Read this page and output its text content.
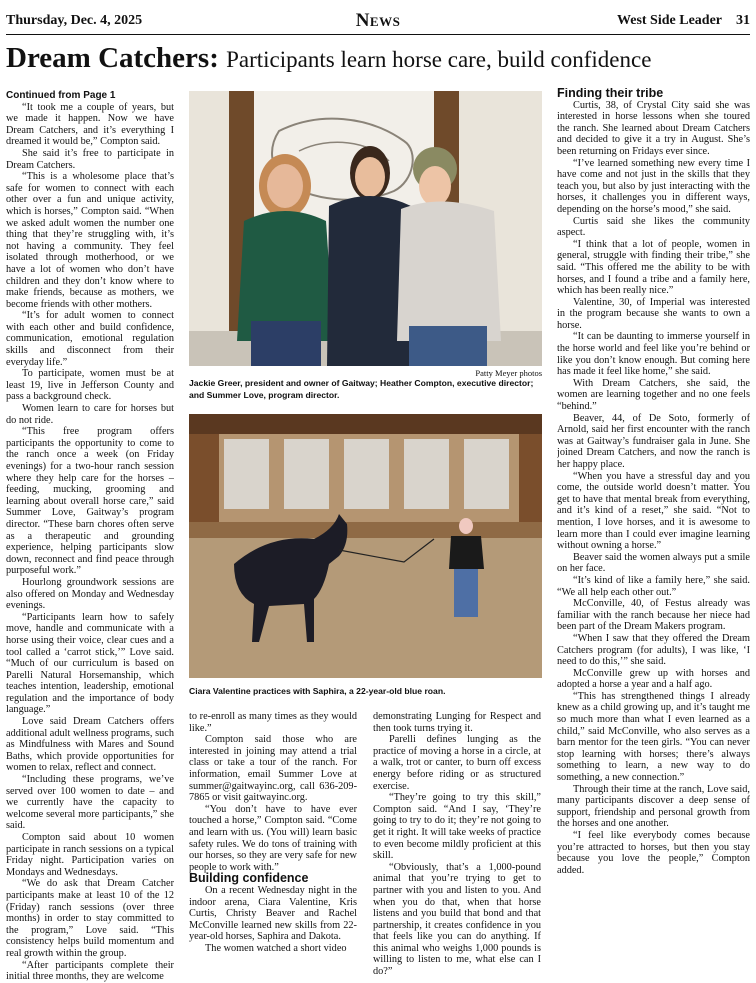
Thursday, Dec. 4, 2025	News	West Side Leader 31
Dream Catchers: Participants learn horse care, build confidence

Continued from Page 1

“It took me a couple of years, but we made it happen. Now we have Dream Catchers, and it’s everything I dreamed it would be,” Compton said.

She said it’s free to participate in Dream Catchers.

“This is a wholesome place that’s safe for women to connect with each other over a fun and unique activity, which is horses,” Compton said. “When we asked adult women the number one thing that they’re struggling with, it’s not having a community. They feel isolated through motherhood, or we have a lot of women who don’t have children and they don’t know where to make friends, because as mothers, we become friends with other mothers.

“It’s for adult women to connect with each other and build confidence, communication, emotional regulation skills and disconnect from their everyday life.”

To participate, women must be at least 19, live in Jefferson County and pass a background check.

Women learn to care for horses but do not ride.

“This free program offers participants the opportunity to come to the ranch once a week (on Friday evenings) for a two-hour ranch session where they help care for the horses – feeding, mucking, grooming and learning about overall horse care,” said Summer Love, Gaitway’s program director. “These barn chores often serve as a therapeutic and grounding experience, helping participants slow down, reconnect and find peace through purposeful work.”

Hourlong groundwork sessions are also offered on Monday and Wednesday evenings.

“Participants learn how to safely move, handle and communicate with a horse using their voice, clear cues and a tool called a ‘carrot stick,’” Love said. “Much of our curriculum is based on Parelli Natural Horsemanship, which teaches intention, leadership, emotional regulation and the importance of body language.”

Love said Dream Catchers offers additional adult wellness programs, such as Mindfulness with Mares and Sound Baths, which provide opportunities for women to relax, reflect and connect.

“Including these programs, we’ve served over 100 women to date – and we currently have the capacity to welcome several more participants,” she said.

Compton said about 10 women participate in ranch sessions on a typical Friday night. Participation varies on Mondays and Wednesdays.

“We do ask that Dream Catcher participants make at least 10 of the 12 (Friday) ranch sessions (over three months) in order to stay committed to the program,” Love said. “This consistency helps build momentum and real growth within the group.

“After participants complete their initial three months, they are welcome

Patty Meyer photos
Jackie Greer, president and owner of Gaitway; Heather Compton, executive director; and Summer Love, program director.
Ciara Valentine practices with Saphira, a 22-year-old blue roan.

to re-enroll as many times as they would like.”

Compton said those who are interested in joining may attend a trial class or take a tour of the ranch. For information, email Summer Love at summer@gaitwayinc.org, call 636-209-7865 or visit gaitwayinc.org.

“You don’t have to have ever touched a horse,” Compton said. “Come and learn with us. (You will) learn basic safety rules. We do tons of training with our horses, so they are very safe for new people to work with.”

Building confidence

On a recent Wednesday night in the indoor arena, Ciara Valentine, Kris Curtis, Christy Beaver and Rachel McConville learned new skills from 22-year-old horses, Saphira and Dakota.

The women watched a short video

demonstrating Lunging for Respect and then took turns trying it.

Parelli defines lunging as the practice of moving a horse in a circle, at a walk, trot or canter, to burn off excess energy before riding or as structured exercise.

“They’re going to try this skill,” Compton said. “And I say, ‘They’re going to try to do it; they’re not going to get it right. It will take weeks of practice to even become mildly proficient at this skill.

“Obviously, that’s a 1,000-pound animal that you’re trying to get to partner with you and listen to you. And when you do that, when that horse listens and you build that bond and that partnership, it creates confidence in you that feels like you can do anything. If this animal who weighs 1,000 pounds is willing to listen to me, what else can I do?”

Finding their tribe

Curtis, 38, of Crystal City said she was interested in horse lessons when she toured the ranch. She learned about Dream Catchers and decided to give it a try in August. She’s been returning on Fridays ever since.

“I’ve learned something new every time I have come and not just in the skills that they teach you, but also by just interacting with the horses, it challenges you in different ways, depending on the horse’s mood,” she said.

Curtis said she likes the community aspect.

“I think that a lot of people, women in general, struggle with finding their tribe,” she said. “This offered me the ability to be with horses, and I found a tribe and a family here, which has been really nice.”

Valentine, 30, of Imperial was interested in the program because she wants to own a horse.

“It can be daunting to immerse yourself in the horse world and feel like you’re behind or like you don’t know enough. But coming here has made it feel like home,” she said.

With Dream Catchers, she said, the women are learning together and no one feels “behind.”

Beaver, 44, of De Soto, formerly of Arnold, said her first encounter with the ranch was at Gaitway’s fundraiser gala in June. She joined Dream Catchers, and now the ranch is her happy place.

“When you have a stressful day and you come, the outside world doesn’t matter. You get to have that mental break from everything, and it’s kind of a reset,” she said. “Not to mention, I love horses, and it is awesome to learn more than I could ever imagine learning without owning a horse.”

Beaver said the women always put a smile on her face.

“It’s kind of like a family here,” she said. “We all help each other out.”

McConville, 40, of Festus already was familiar with the ranch because her niece had been part of the Dream Makers program.

“When I saw that they offered the Dream Catchers program (for adults), I was like, ‘I need to do this,’” she said.

McConville grew up with horses and adopted a horse a year and a half ago.

“This has strengthened things I already knew as a child growing up, and it’s taught me so much more than what I even learned as a child,” said McConville, who also serves as a barn mentor for the teen girls. “You can never stop learning with horses; there’s always something to learn, a new way to do something, a new connection.”

Through their time at the ranch, Love said, many participants discover a deep sense of support, friendship and personal growth from the horses and one another.

“I feel like everybody comes because you’re attracted to horses, but then you stay because you love the people,” Compton added.
